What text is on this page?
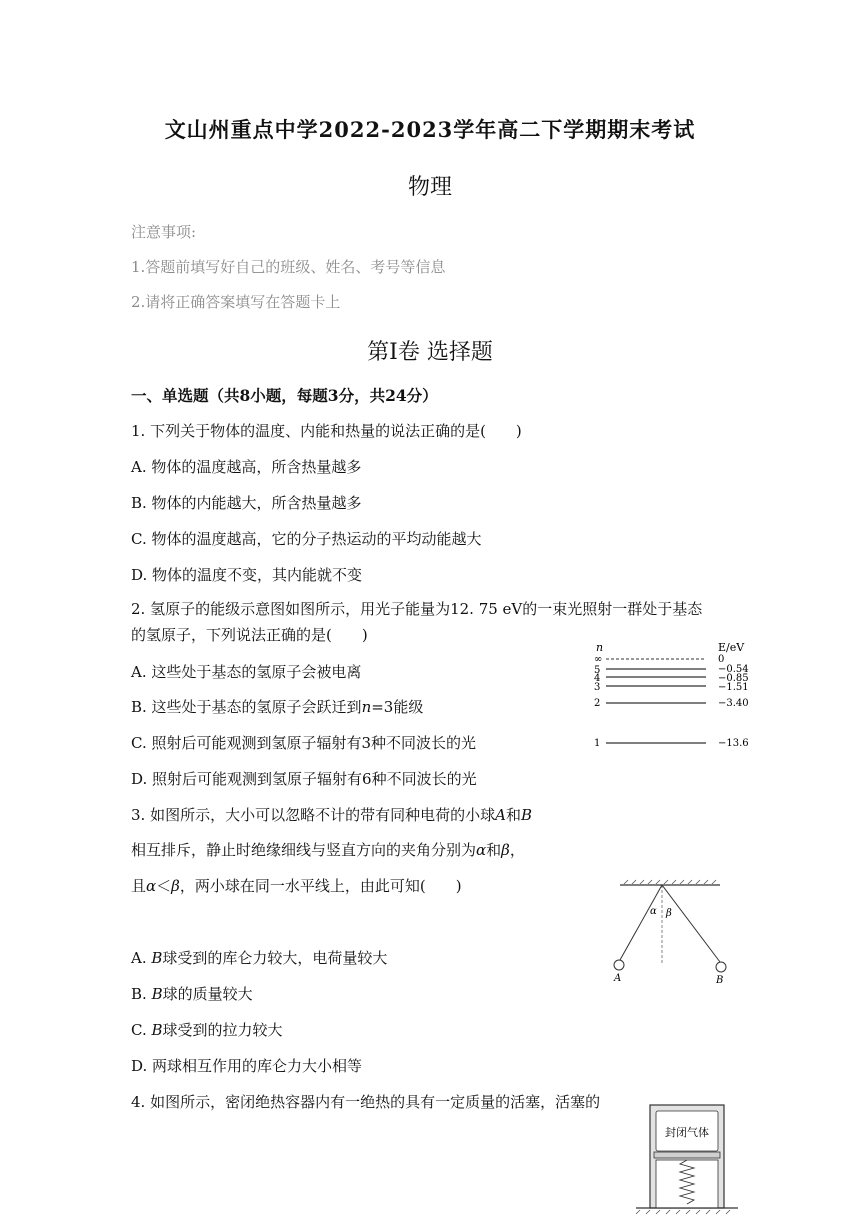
文山州重点中学2022-2023学年高二下学期期末考试
物理
注意事项:
1.答题前填写好自己的班级、姓名、考号等信息
2.请将正确答案填写在答题卡上
第Ⅰ卷 选择题
一、单选题（共8小题，每题3分，共24分）
1. 下列关于物体的温度、内能和热量的说法正确的是(　　)
A. 物体的温度越高，所含热量越多
B. 物体的内能越大，所含热量越多
C. 物体的温度越高，它的分子热运动的平均动能越大
D. 物体的温度不变，其内能就不变
2. 氢原子的能级示意图如图所示，用光子能量为12. 75 eV的一束光照射一群处于基态
的氢原子，下列说法正确的是(　　)
A. 这些处于基态的氢原子会被电离
B. 这些处于基态的氢原子会跃迁到n=3能级
C. 照射后可能观测到氢原子辐射有3种不同波长的光
D. 照射后可能观测到氢原子辐射有6种不同波长的光
n	E/eV
∞	0
5	−0.54
4	−0.85
3	−1.51
2	−3.40
1	−13.6
3. 如图所示，大小可以忽略不计的带有同种电荷的小球A和B
相互排斥，静止时绝缘细线与竖直方向的夹角分别为α和β，
且α＜β，两小球在同一水平线上，由此可知(　　)
A. B球受到的库仑力较大，电荷量较大
B. B球的质量较大
C. B球受到的拉力较大
D. 两球相互作用的库仑力大小相等
α β
A	B
4. 如图所示，密闭绝热容器内有一绝热的具有一定质量的活塞，活塞的
封闭气体
